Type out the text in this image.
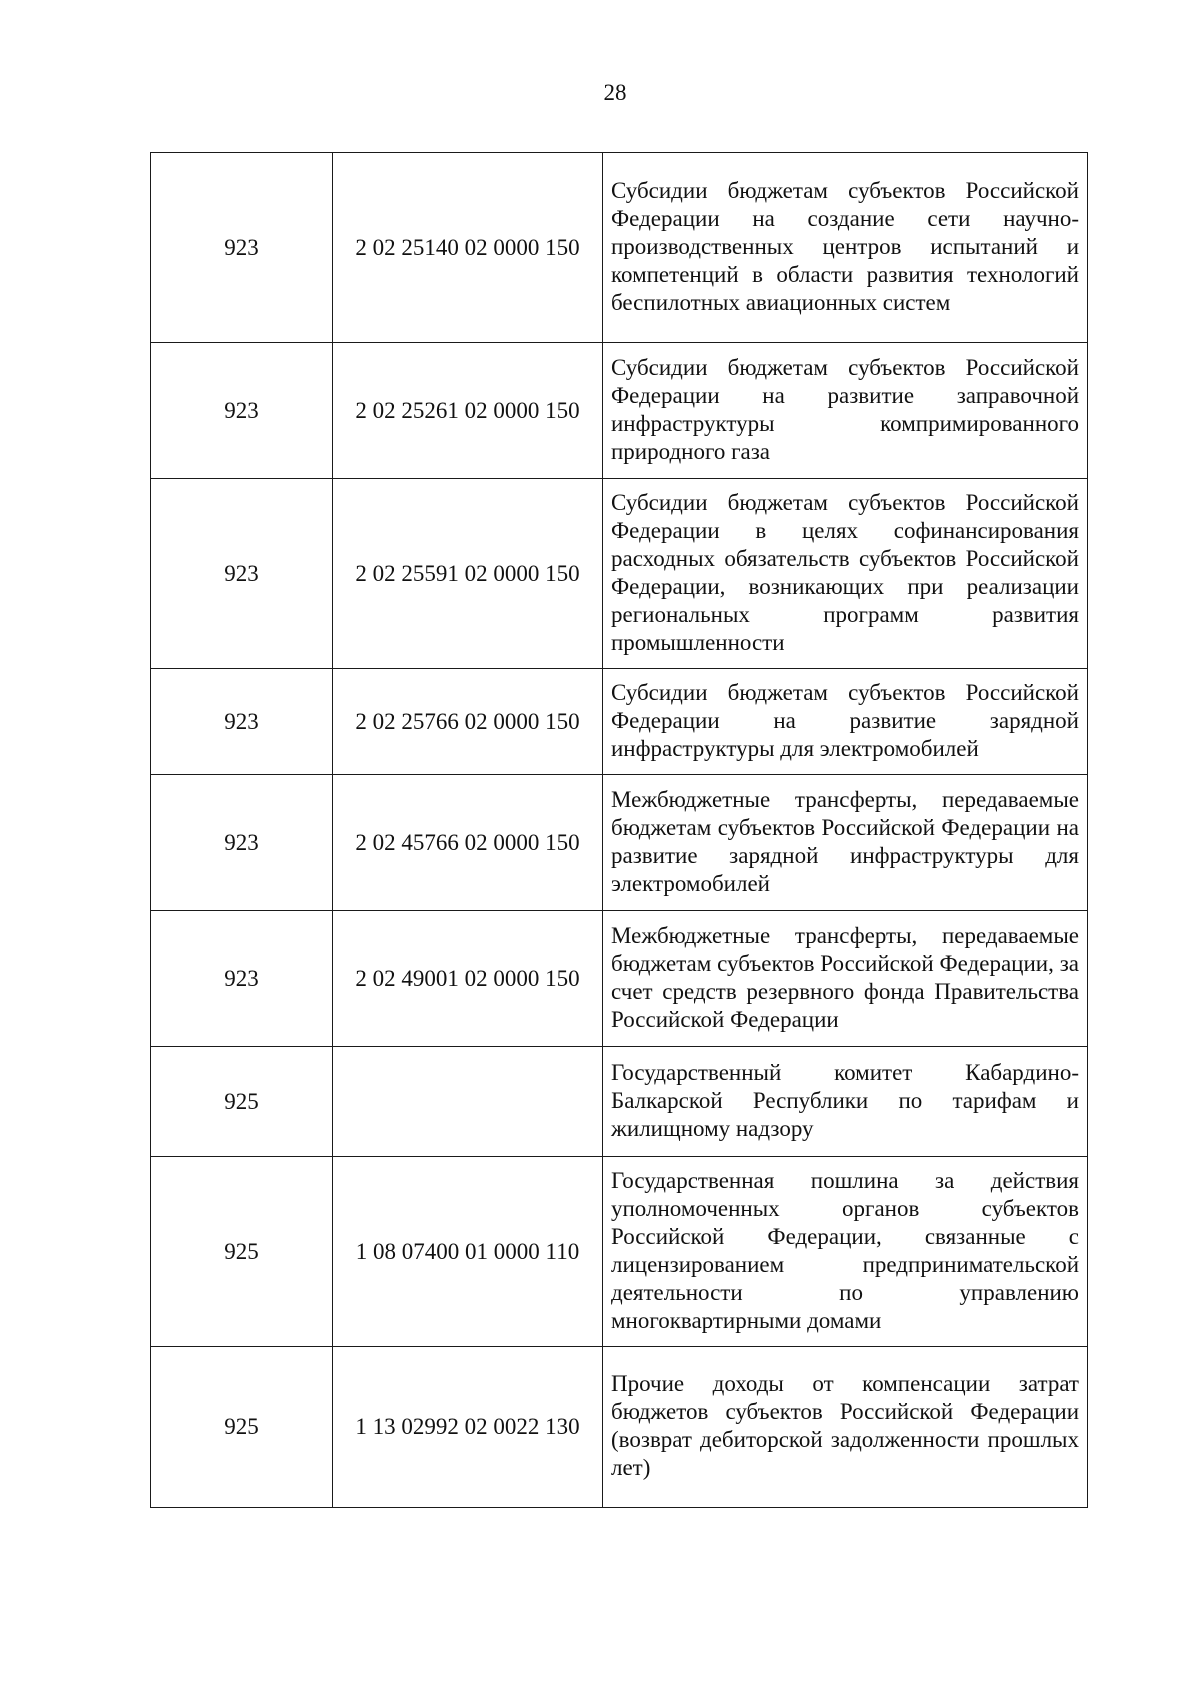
28
923	2 02 25140 02 0000 150	Субсидии бюджетам субъектов Российской Федерации на создание сети научно-производственных центров испытаний и компетенций в области развития технологий беспилотных авиационных систем
923	2 02 25261 02 0000 150	Субсидии бюджетам субъектов Российской Федерации на развитие заправочной инфраструктуры компримированного природного газа
923	2 02 25591 02 0000 150	Субсидии бюджетам субъектов Российской Федерации в целях софинансирования расходных обязательств субъектов Российской Федерации, возникающих при реализации региональных программ развития промышленности
923	2 02 25766 02 0000 150	Субсидии бюджетам субъектов Российской Федерации на развитие зарядной инфраструктуры для электромобилей
923	2 02 45766 02 0000 150	Межбюджетные трансферты, передаваемые бюджетам субъектов Российской Федерации на развитие зарядной инфраструктуры для электромобилей
923	2 02 49001 02 0000 150	Межбюджетные трансферты, передаваемые бюджетам субъектов Российской Федерации, за счет средств резервного фонда Правительства Российской Федерации
925		Государственный комитет Кабардино-Балкарской Республики по тарифам и жилищному надзору
925	1 08 07400 01 0000 110	Государственная пошлина за действия уполномоченных органов субъектов Российской Федерации, связанные с лицензированием предпринимательской деятельности по управлению многоквартирными домами
925	1 13 02992 02 0022 130	Прочие доходы от компенсации затрат бюджетов субъектов Российской Федерации (возврат дебиторской задолженности прошлых лет)
